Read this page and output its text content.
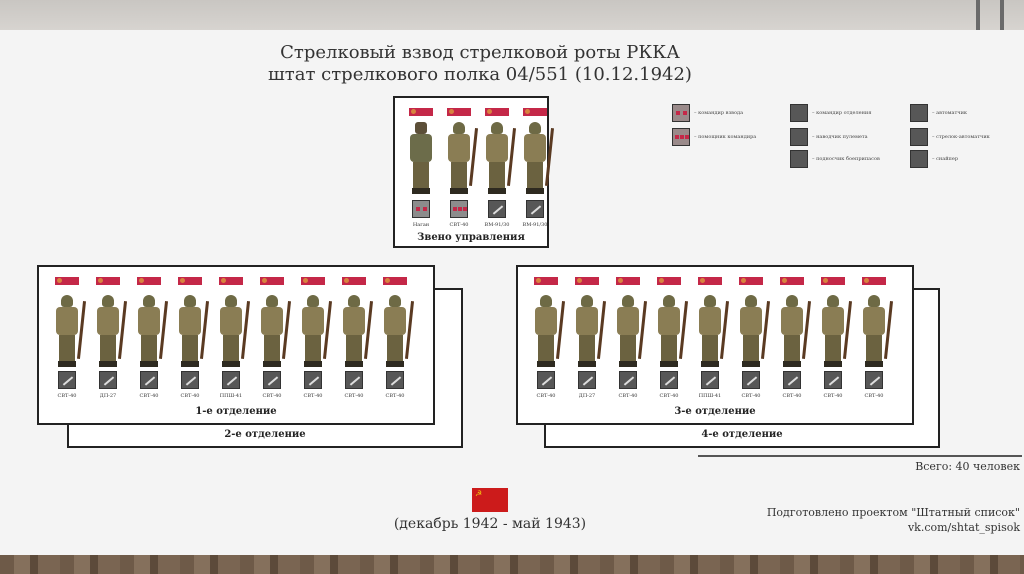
Стрелковый взвод стрелковой роты РККА
штат стрелкового полка 04/551 (10.12.1942)
Звено управления
Наган	СВТ-40	ВМ-91/30	ВМ-91/30
2-е отделение
1-е отделение
СВТ-40	ДП-27	СВТ-40	СВТ-40	ППШ-41	СВТ-40	СВТ-40	СВТ-40	СВТ-40
4-е отделение
3-е отделение
СВТ-40	ДП-27	СВТ-40	СВТ-40	ППШ-41	СВТ-40	СВТ-40	СВТ-40	СВТ-40
Всего: 40 человек
☭
(декабрь 1942 - май 1943)
Подготовлено проектом "Штатный список"
vk.com/shtat_spisok
– командир взвода
– помощник командира
– командир отделения
– наводчик пулемета
– подносчик боеприпасов
– автоматчик
– стрелок-автоматчик
– снайпер
